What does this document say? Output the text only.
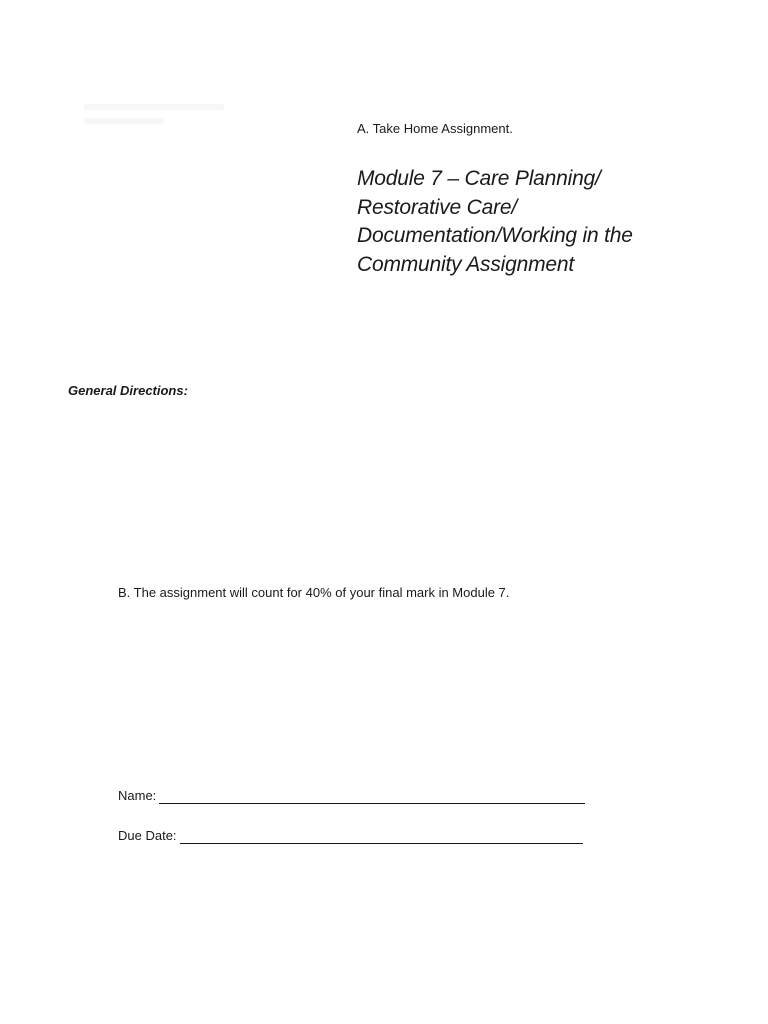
A. Take Home Assignment.
Module 7 – Care Planning/
Restorative Care/
Documentation/Working in the
Community Assignment
General Directions:
B. The assignment will count for 40% of your final mark in Module 7.
Name:
Due Date:
